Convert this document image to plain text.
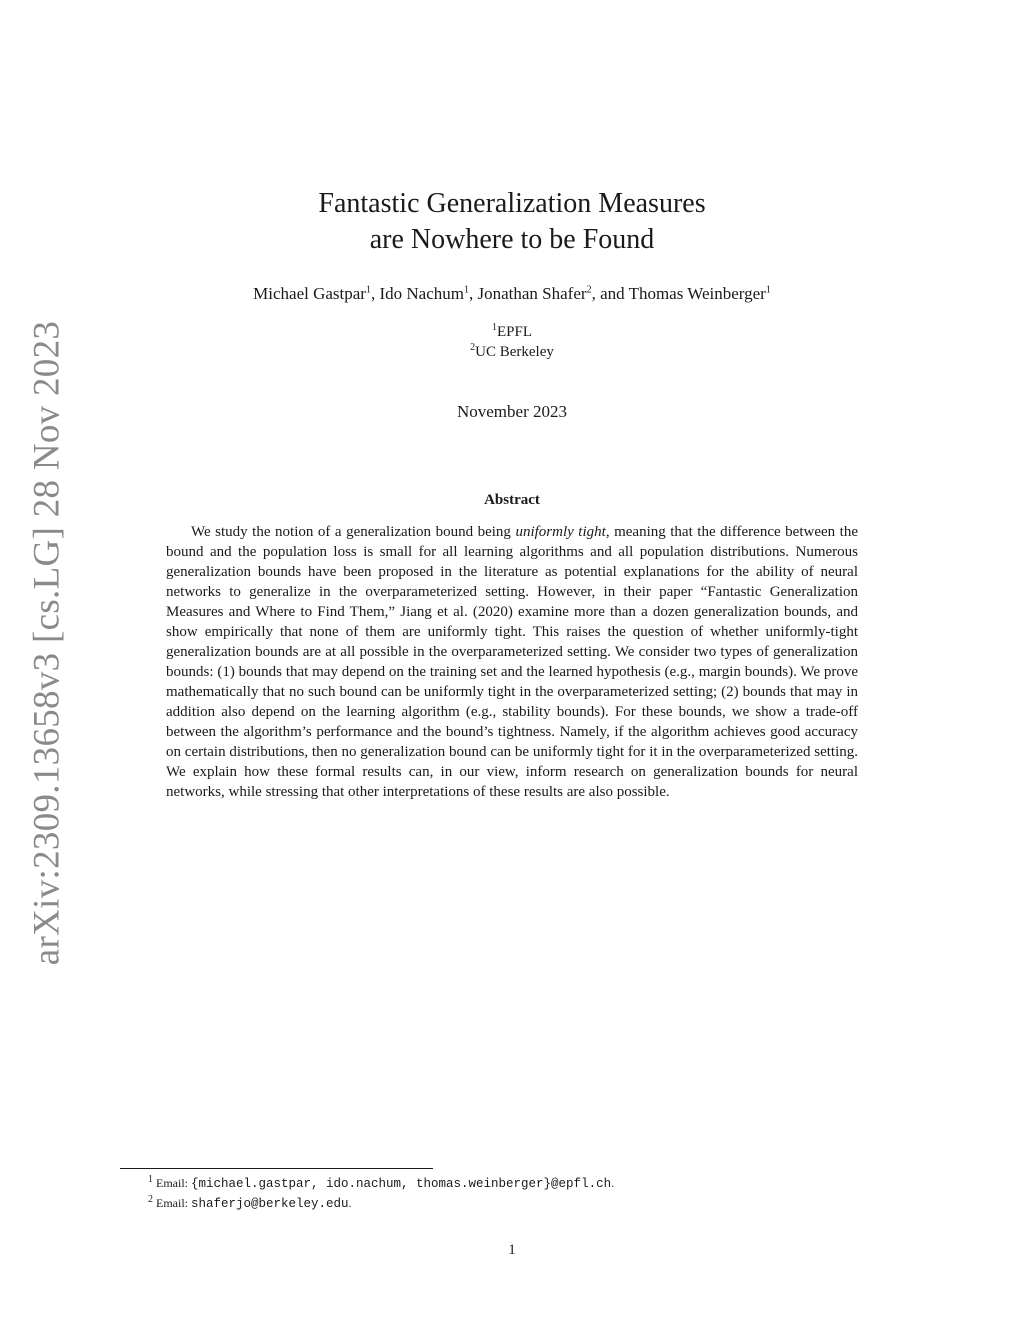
arXiv:2309.13658v3 [cs.LG] 28 Nov 2023
Fantastic Generalization Measures
are Nowhere to be Found
Michael Gastpar$^1$, Ido Nachum$^1$, Jonathan Shafer$^2$, and Thomas Weinberger$^1$
$^1$EPFL
$^2$UC Berkeley
November 2023
Abstract

We study the notion of a generalization bound being uniformly tight, meaning that the difference between the bound and the population loss is small for all learning algorithms and all population distributions. Numerous generalization bounds have been proposed in the literature as potential explanations for the ability of neural networks to generalize in the overparameterized setting. However, in their paper “Fantastic Generalization Measures and Where to Find Them,” Jiang et al. (2020) examine more than a dozen generalization bounds, and show empirically that none of them are uniformly tight. This raises the question of whether uniformly-tight generalization bounds are at all possible in the overparameterized setting. We consider two types of generalization bounds: (1) bounds that may depend on the training set and the learned hypothesis (e.g., margin bounds). We prove mathematically that no such bound can be uniformly tight in the overparameterized setting; (2) bounds that may in addition also depend on the learning algorithm (e.g., stability bounds). For these bounds, we show a trade-off between the algorithm’s performance and the bound’s tightness. Namely, if the algorithm achieves good accuracy on certain distributions, then no generalization bound can be uniformly tight for it in the overparameterized setting. We explain how these formal results can, in our view, inform research on generalization bounds for neural networks, while stressing that other interpretations of these results are also possible.

$^1$ Email: {michael.gastpar, ido.nachum, thomas.weinberger}@epfl.ch.
$^2$ Email: shaferjo@berkeley.edu.
1
